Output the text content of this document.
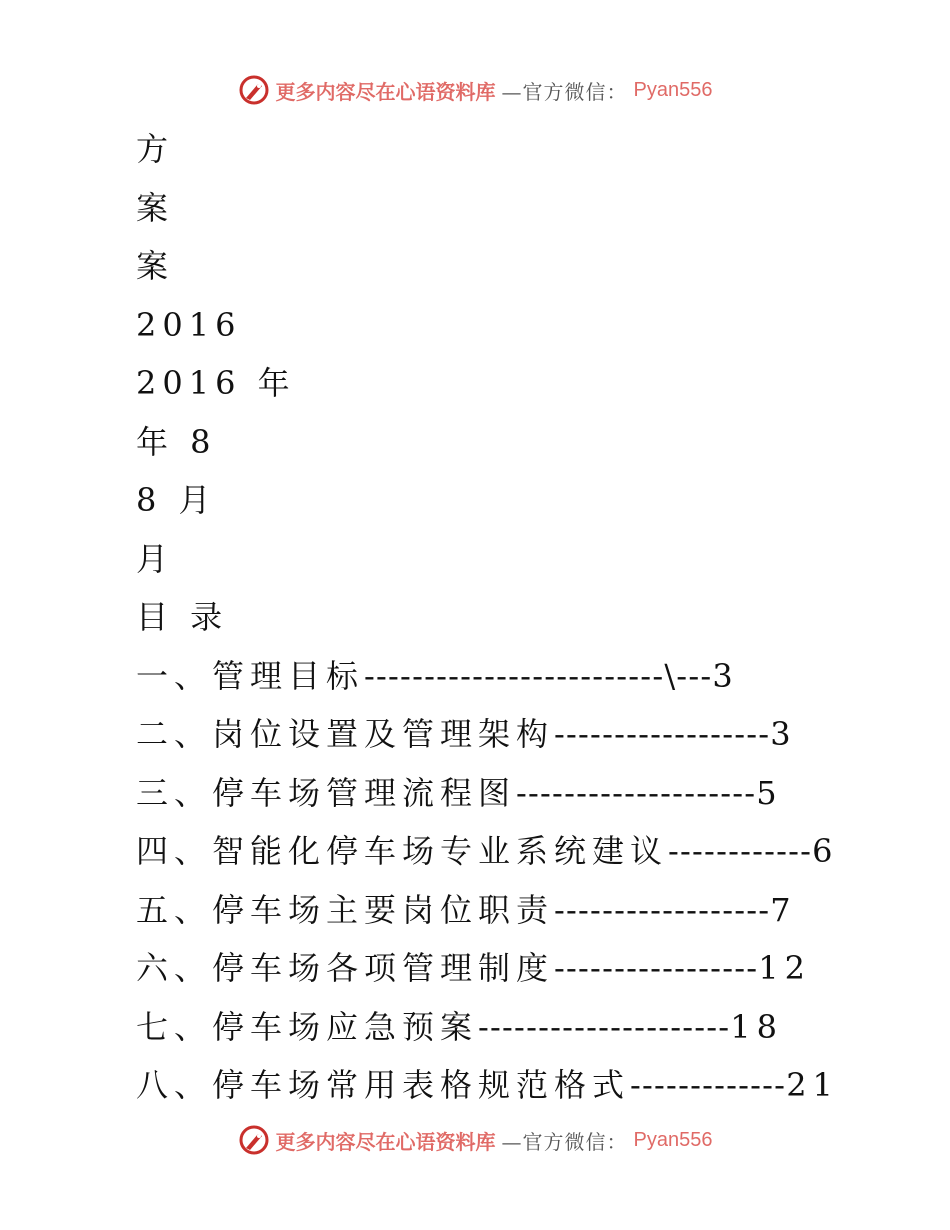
更多内容尽在心语资料库 —官方微信： Pyan556
方
案
案
2016
2016 年
年 8
8 月
月
目 录
一、管理目标 -------------------------\--- 3
二、岗位设置及管理架构 ------------------ 3
三、停车场管理流程图 -------------------- 5
四、智能化停车场专业系统建议 ------------ 6
五、停车场主要岗位职责 ------------------ 7
六、停车场各项管理制度 ----------------- 12
七、停车场应急预案 --------------------- 18
八、停车场常用表格规范格式 ------------- 21
更多内容尽在心语资料库 —官方微信： Pyan556
